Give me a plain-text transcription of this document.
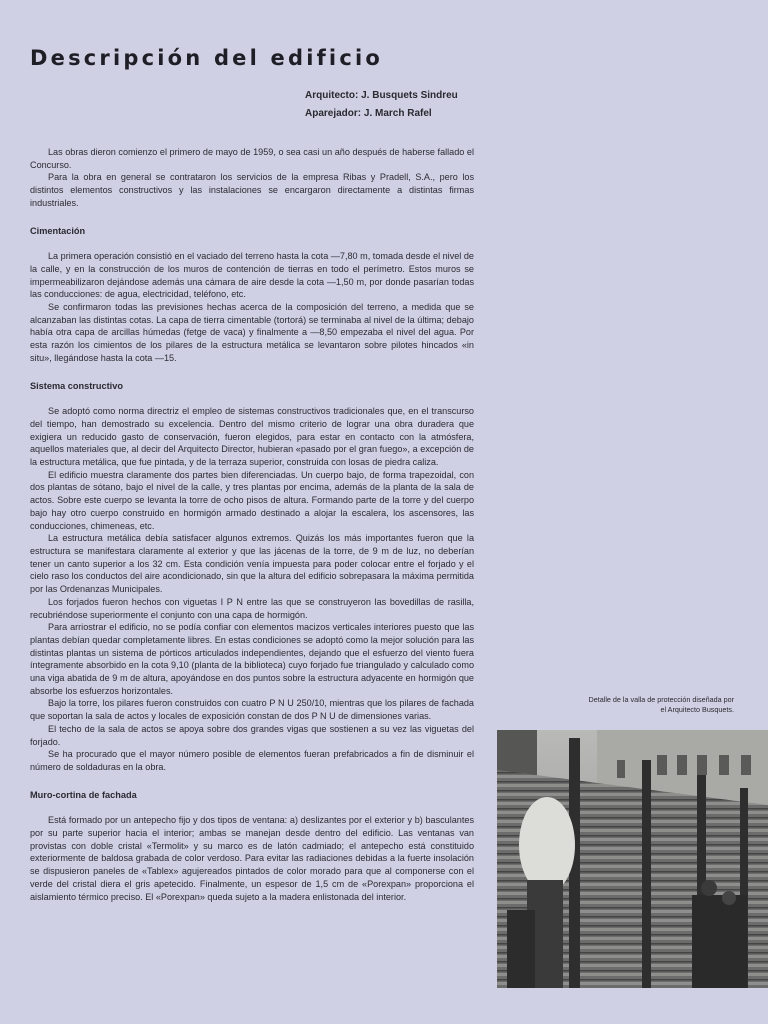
Descripción del edificio
Arquitecto: J. Busquets Sindreu
Aparejador: J. March Rafel

Las obras dieron comienzo el primero de mayo de 1959, o sea casi un año después de haberse fallado el Concurso.

Para la obra en general se contrataron los servicios de la empresa Ribas y Pradell, S.A., pero los distintos elementos constructivos y las instalaciones se encargaron directamente a distintas firmas industriales.

Cimentación

La primera operación consistió en el vaciado del terreno hasta la cota —7,80 m, tomada desde el nivel de la calle, y en la construcción de los muros de contención de tierras en todo el perímetro. Estos muros se impermeabilizaron dejándose además una cámara de aire desde la cota —1,50 m, por donde pasarían todas las conducciones: de agua, electricidad, teléfono, etc.

Se confirmaron todas las previsiones hechas acerca de la composición del terreno, a medida que se alcanzaban las distintas cotas. La capa de tierra cimentable (tortorá) se terminaba al nivel de la última; debajo había otra capa de arcillas húmedas (fetge de vaca) y finalmente a —8,50 empezaba el nivel del agua. Por esta razón los cimientos de los pilares de la estructura metálica se levantaron sobre pilotes hincados «in situ», llegándose hasta la cota —15.

Sistema constructivo

Se adoptó como norma directriz el empleo de sistemas constructivos tradicionales que, en el transcurso del tiempo, han demostrado su excelencia. Dentro del mismo criterio de lograr una obra duradera que exigiera un reducido gasto de conservación, fueron elegidos, para estar en contacto con la atmósfera, aquellos materiales que, al decir del Arquitecto Director, hubieran «pasado por el gran fuego», a excepción de la estructura metálica, que fue pintada, y de la terraza superior, construida con losas de piedra caliza.

El edificio muestra claramente dos partes bien diferenciadas. Un cuerpo bajo, de forma trapezoidal, con dos plantas de sótano, bajo el nivel de la calle, y tres plantas por encima, además de la planta de la sala de actos. Sobre este cuerpo se levanta la torre de ocho pisos de altura. Formando parte de la torre y del cuerpo bajo hay otro cuerpo construido en hormigón armado destinado a alojar la escalera, los ascensores, las conducciones, chimeneas, etc.

La estructura metálica debía satisfacer algunos extremos. Quizás los más importantes fueron que la estructura se manifestara claramente al exterior y que las jácenas de la torre, de 9 m de luz, no deberían tener un canto superior a los 32 cm. Esta condición venía impuesta para poder colocar entre el forjado y el cielo raso los conductos del aire acondicionado, sin que la altura del edificio sobrepasara la máxima permitida por las Ordenanzas Municipales.

Los forjados fueron hechos con viguetas I P N entre las que se construyeron las bovedillas de rasilla, recubriéndose superiormente el conjunto con una capa de hormigón.

Para arriostrar el edificio, no se podía confiar con elementos macizos verticales interiores puesto que las plantas debían quedar completamente libres. En estas condiciones se adoptó como la mejor solución para las distintas plantas un sistema de pórticos articulados independientes, dejando que el esfuerzo del viento fuera íntegramente absorbido en la cota 9,10 (planta de la biblioteca) cuyo forjado fue triangulado y calculado como una viga abatida de 9 m de altura, apoyándose en dos puntos sobre la estructura adyacente en hormigón que absorbe los esfuerzos horizontales.

Bajo la torre, los pilares fueron construidos con cuatro P N U 250/10, mientras que los pilares de fachada que soportan la sala de actos y locales de exposición constan de dos P N U de dimensiones varias.

El techo de la sala de actos se apoya sobre dos grandes vigas que sostienen a su vez las viguetas del forjado.

Se ha procurado que el mayor número posible de elementos fueran prefabricados a fin de disminuir el número de soldaduras en la obra.

Muro-cortina de fachada

Está formado por un antepecho fijo y dos tipos de ventana: a) deslizantes por el exterior y b) basculantes por su parte superior hacia el interior; ambas se manejan desde dentro del edificio. Las ventanas van provistas con doble cristal «Termolit» y su marco es de latón cadmiado; el antepecho está constituido exteriormente de baldosa grabada de color verdoso. Para evitar las radiaciones debidas a la fuerte insolación se dispusieron paneles de «Tablex» agujereados pintados de color morado para que al componerse con el verde del cristal diera el gris apetecido. Finalmente, un espesor de 1,5 cm de «Porexpan» proporciona el aislamiento térmico preciso. El «Porexpan» queda sujeto a la madera enlistonada del interior.

Detalle de la valla de protección diseñada por el Arquitecto Busquets.
